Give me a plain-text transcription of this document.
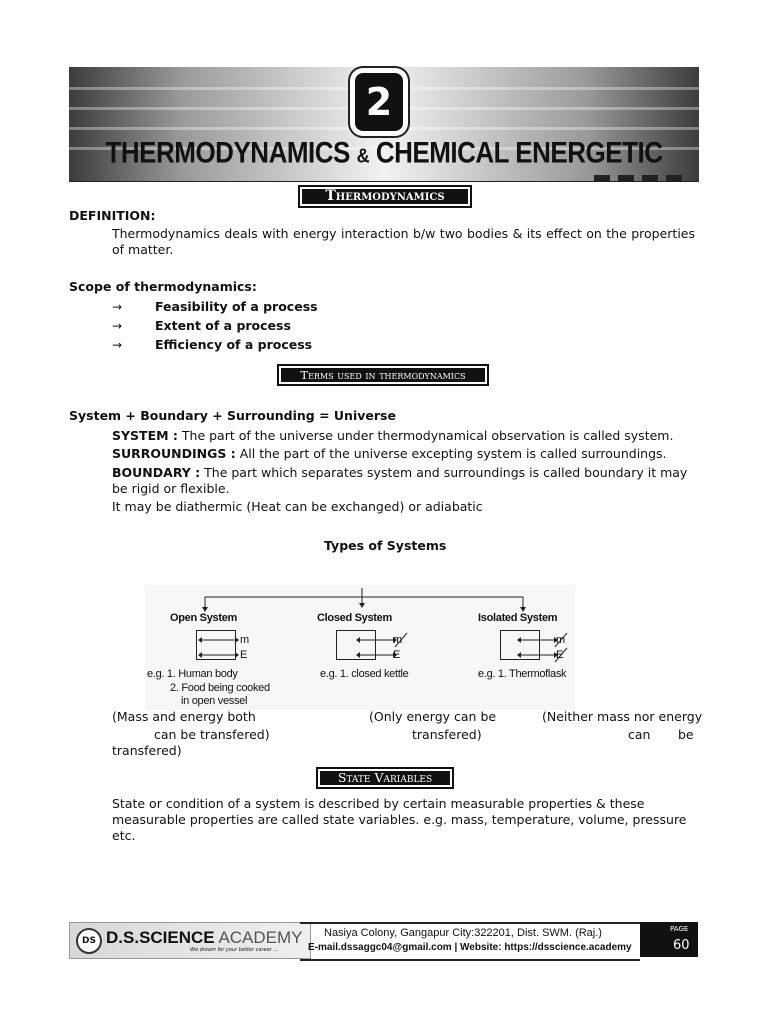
2
THERMODYNAMICS & CHEMICAL ENERGETIC
Thermodynamics
DEFINITION:
Thermodynamics deals with energy interaction b/w two bodies & its effect on the properties of matter.
Scope of thermodynamics:
→	Feasibility of a process
→	Extent of a process
→	Efficiency of a process
Terms used in thermodynamics
System + Boundary + Surrounding = Universe
SYSTEM : The part of the universe under thermodynamical observation is called system.
SURROUNDINGS : All the part of the universe excepting system is called surroundings.
BOUNDARY : The part which separates system and surroundings is called boundary it may be rigid or flexible.
It may be diathermic (Heat can be exchanged) or adiabatic
Types of Systems
Open System
m
E
e.g. 1. Human body
2. Food being cooked
in open vessel
Closed System
m
E
e.g. 1. closed kettle
Isolated System
m
E
e.g. 1. Thermoflask
(Mass and energy both
can be transfered)
(Only energy can be
transfered)
(Neither mass nor energy
can be
transfered)
State Variables
State or condition of a system is described by certain measurable properties & these measurable properties are called state variables. e.g. mass, temperature, volume, pressure etc.
DS D.S.SCIENCE ACADEMY
We dream for your better career ...
Nasiya Colony, Gangapur City:322201, Dist. SWM. (Raj.)
E-mail.dssaggc04@gmail.com | Website: https://dsscience.academy
PAGE
60
